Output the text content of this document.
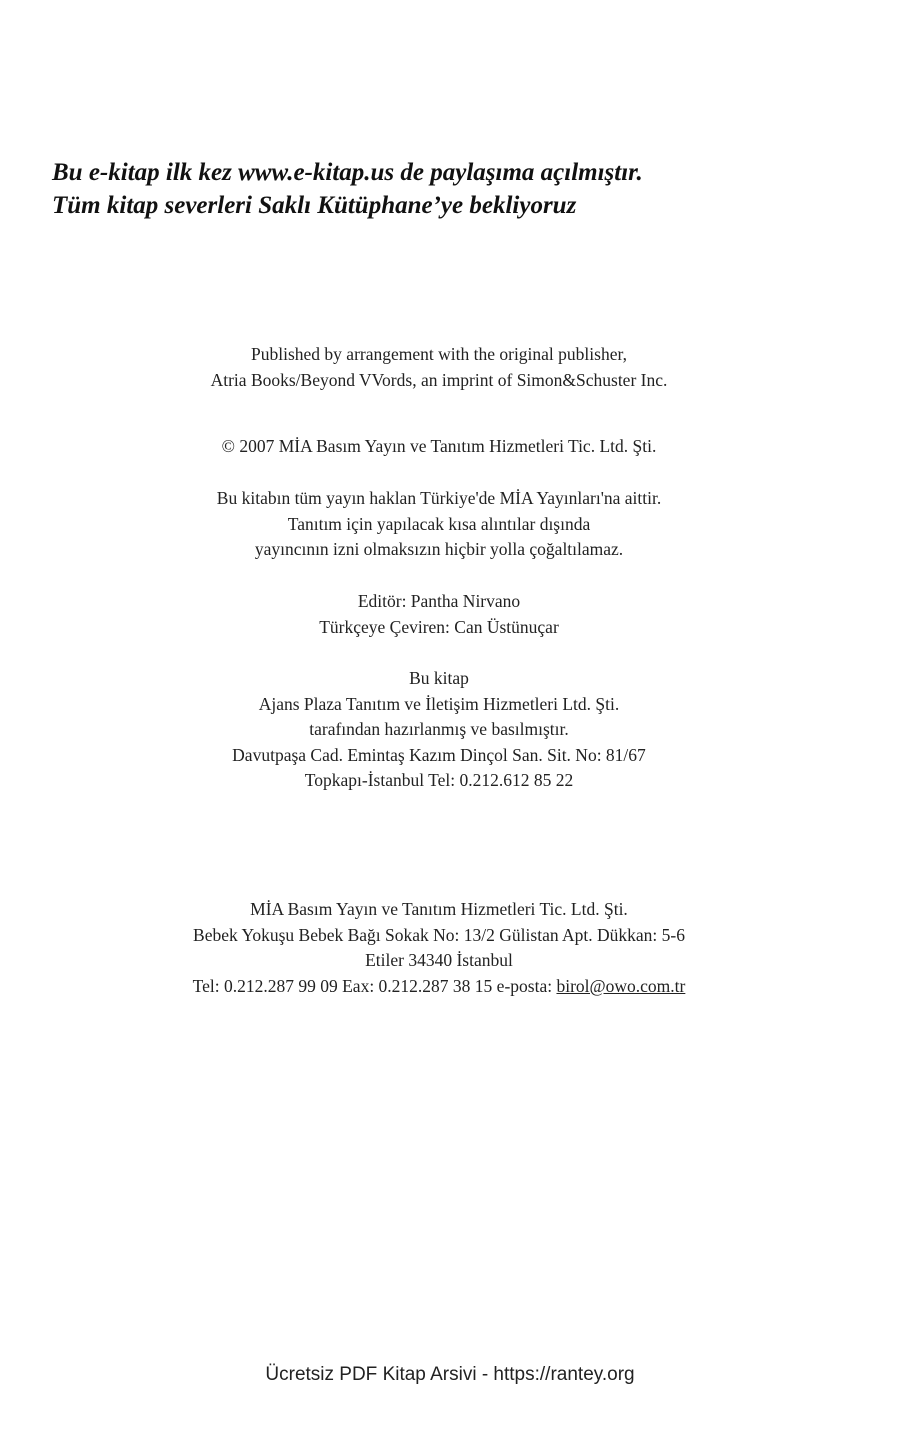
Bu e-kitap ilk kez www.e-kitap.us de paylaşıma açılmıştır.
Tüm kitap severleri Saklı Kütüphane’ye bekliyoruz
Published by arrangement with the original publisher,
Atria Books/Beyond VVords, an imprint of Simon&Schuster Inc.
© 2007 MİA Basım Yayın ve Tanıtım Hizmetleri Tic. Ltd. Şti.
Bu kitabın tüm yayın haklan Türkiye'de MİA Yayınları'na aittir.
Tanıtım için yapılacak kısa alıntılar dışında
yayıncının izni olmaksızın hiçbir yolla çoğaltılamaz.
Editör: Pantha Nirvano
Türkçeye Çeviren: Can Üstünuçar
Bu kitap
Ajans Plaza Tanıtım ve İletişim Hizmetleri Ltd. Şti.
tarafından hazırlanmış ve basılmıştır.
Davutpaşa Cad. Emintaş Kazım Dinçol San. Sit. No: 81/67
Topkapı-İstanbul Tel: 0.212.612 85 22
MİA Basım Yayın ve Tanıtım Hizmetleri Tic. Ltd. Şti.
Bebek Yokuşu Bebek Bağı Sokak No: 13/2 Gülistan Apt. Dükkan: 5-6
Etiler 34340 İstanbul
Tel: 0.212.287 99 09 Eax: 0.212.287 38 15 e-posta: birol@owo.com.tr
Ücretsiz PDF Kitap Arsivi - https://rantey.org
